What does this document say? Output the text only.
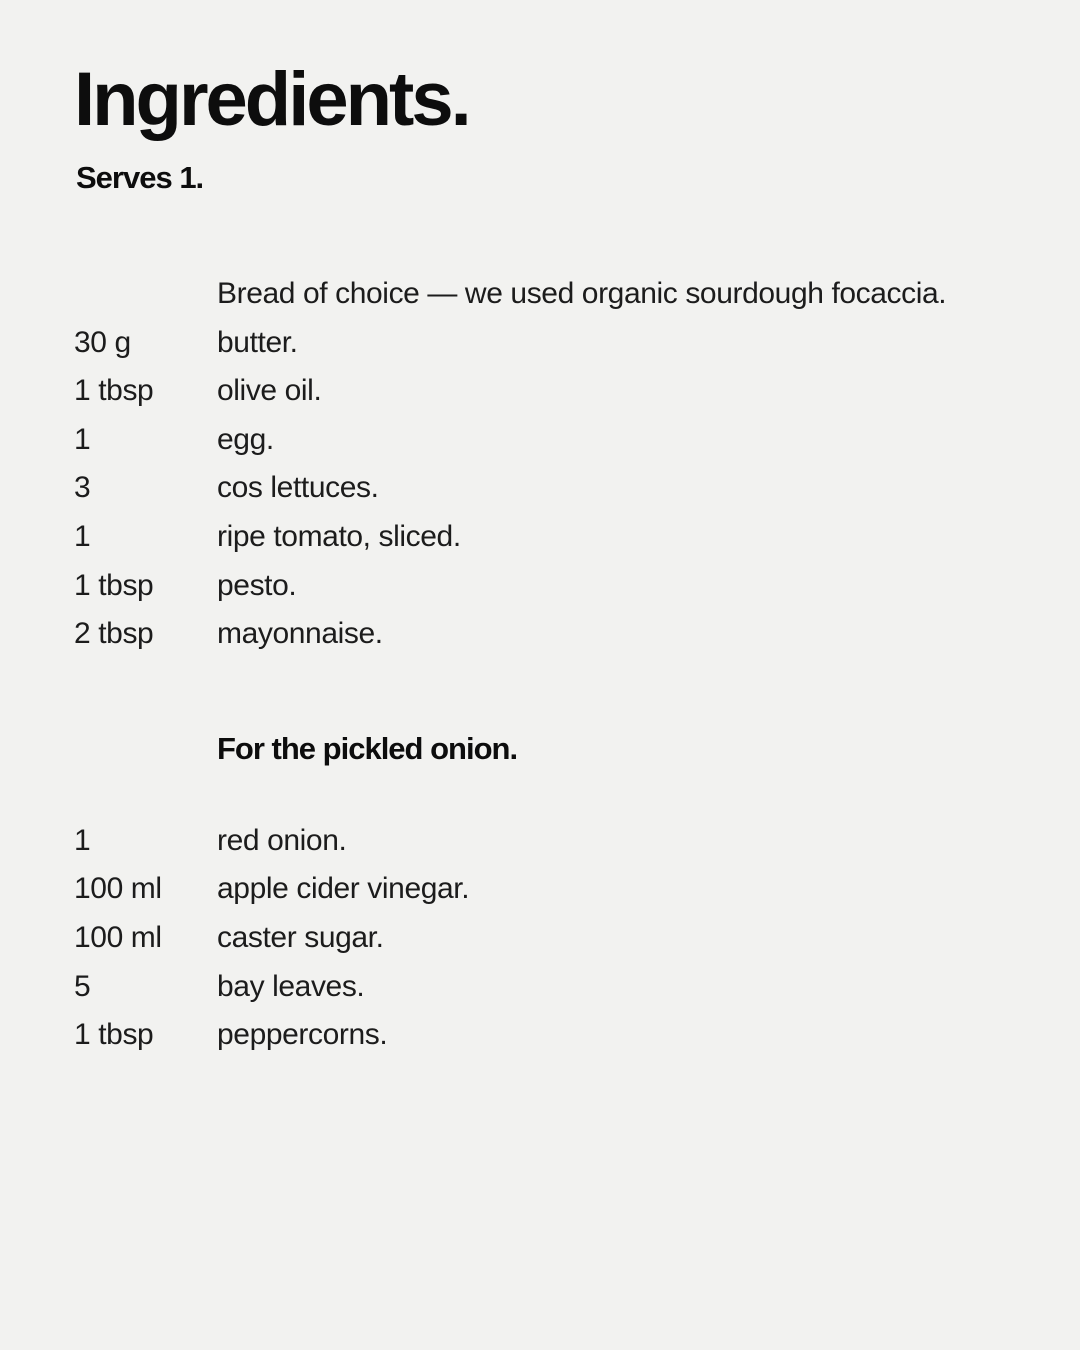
Ingredients.
Serves 1.
Bread of choice — we used organic sourdough focaccia.
30 g	butter.
1 tbsp	olive oil.
1	egg.
3	cos lettuces.
1	ripe tomato, sliced.
1 tbsp	pesto.
2 tbsp	mayonnaise.
For the pickled onion.
1	red onion.
100 ml	apple cider vinegar.
100 ml	caster sugar.
5	bay leaves.
1 tbsp	peppercorns.
